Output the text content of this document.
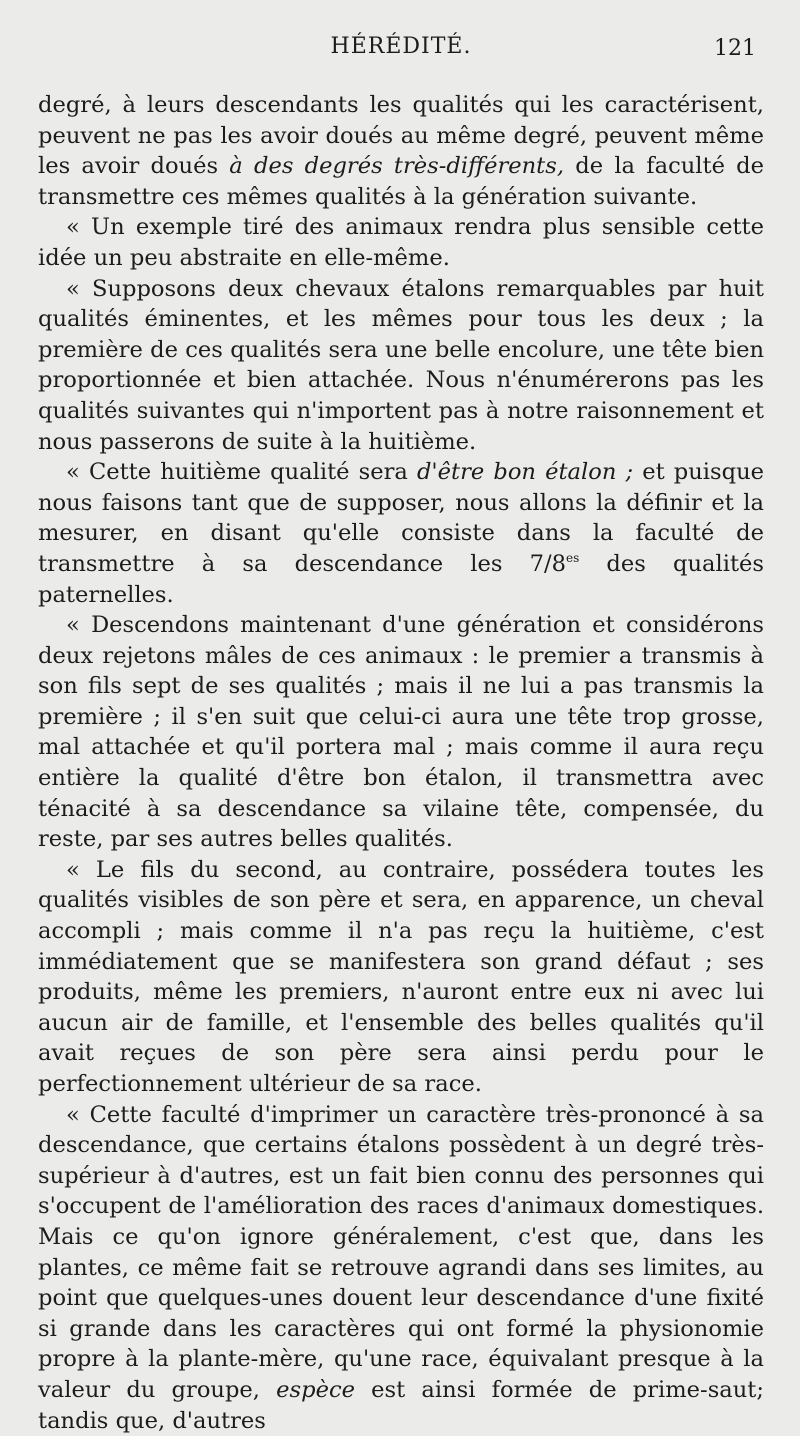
HÉRÉDITÉ.	121

degré, à leurs descendants les qualités qui les caractérisent, peuvent ne pas les avoir doués au même degré, peuvent même les avoir doués à des degrés très-différents, de la faculté de transmettre ces mêmes qualités à la génération suivante.

« Un exemple tiré des animaux rendra plus sensible cette idée un peu abstraite en elle-même.

« Supposons deux chevaux étalons remarquables par huit qualités éminentes, et les mêmes pour tous les deux ; la première de ces qualités sera une belle encolure, une tête bien proportionnée et bien attachée. Nous n'énumérerons pas les qualités suivantes qui n'importent pas à notre raisonnement et nous passerons de suite à la huitième.

« Cette huitième qualité sera d'être bon étalon ; et puisque nous faisons tant que de supposer, nous allons la définir et la mesurer, en disant qu'elle consiste dans la faculté de transmettre à sa descendance les $7/8^{es}$ des qualités paternelles.

« Descendons maintenant d'une génération et considérons deux rejetons mâles de ces animaux : le premier a transmis à son fils sept de ses qualités ; mais il ne lui a pas transmis la première ; il s'en suit que celui-ci aura une tête trop grosse, mal attachée et qu'il portera mal ; mais comme il aura reçu entière la qualité d'être bon étalon, il transmettra avec ténacité à sa descendance sa vilaine tête, compensée, du reste, par ses autres belles qualités.

« Le fils du second, au contraire, possédera toutes les qualités visibles de son père et sera, en apparence, un cheval accompli ; mais comme il n'a pas reçu la huitième, c'est immédiatement que se manifestera son grand défaut ; ses produits, même les premiers, n'auront entre eux ni avec lui aucun air de famille, et l'ensemble des belles qualités qu'il avait reçues de son père sera ainsi perdu pour le perfectionnement ultérieur de sa race.

« Cette faculté d'imprimer un caractère très-prononcé à sa descendance, que certains étalons possèdent à un degré très-supérieur à d'autres, est un fait bien connu des personnes qui s'occupent de l'amélioration des races d'animaux domestiques. Mais ce qu'on ignore généralement, c'est que, dans les plantes, ce même fait se retrouve agrandi dans ses limites, au point que quelques-unes douent leur descendance d'une fixité si grande dans les caractères qui ont formé la physionomie propre à la plante-mère, qu'une race, équivalant presque à la valeur du groupe, espèce est ainsi formée de prime-saut; tandis que, d'autres
